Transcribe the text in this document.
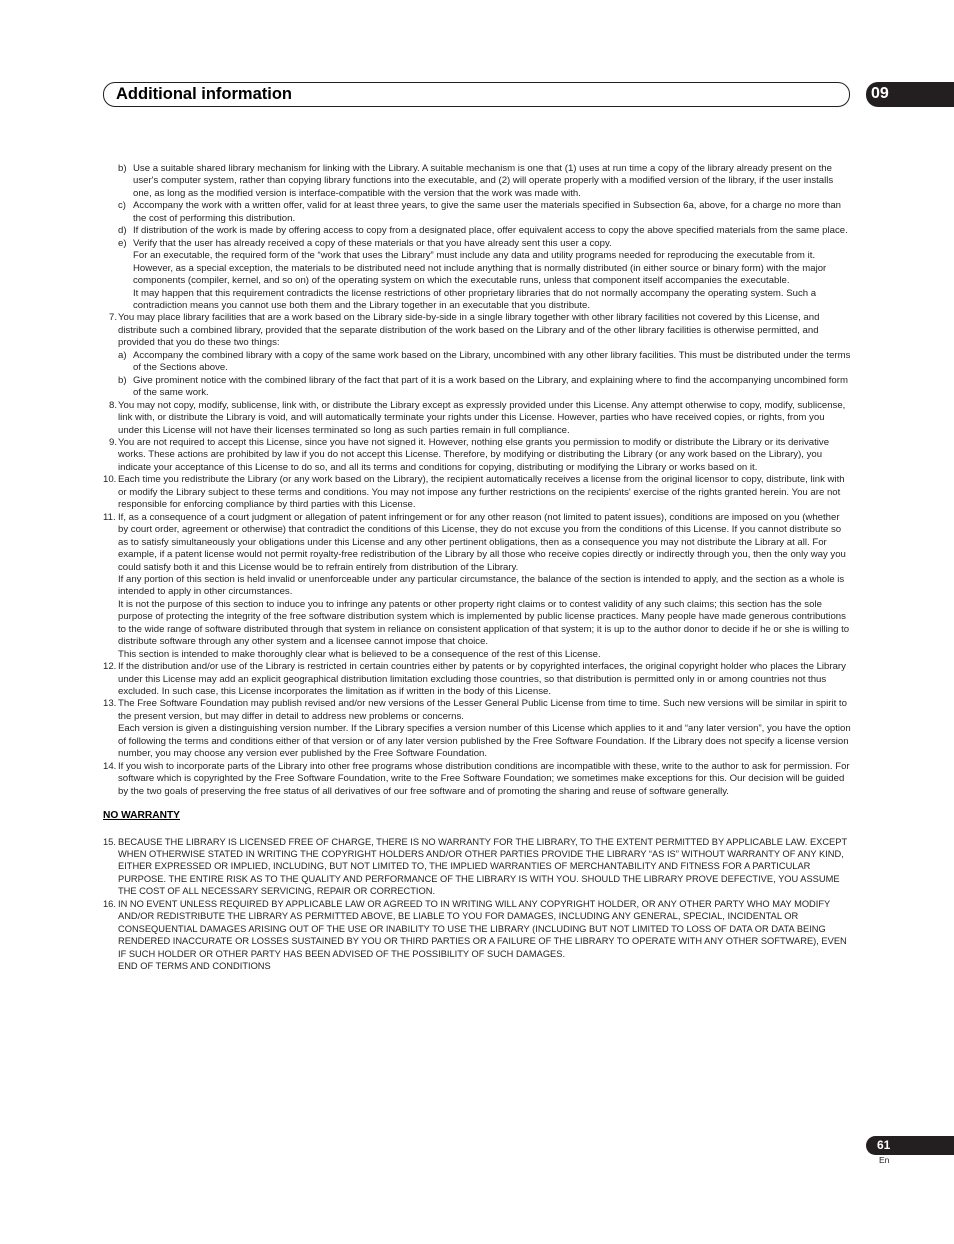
Additional information	09
b) Use a suitable shared library mechanism for linking with the Library. A suitable mechanism is one that (1) uses at run time a copy of the library already present on the user's computer system, rather than copying library functions into the executable, and (2) will operate properly with a modified version of the library, if the user installs one, as long as the modified version is interface-compatible with the version that the work was made with.
c) Accompany the work with a written offer, valid for at least three years, to give the same user the materials specified in Subsection 6a, above, for a charge no more than the cost of performing this distribution.
d) If distribution of the work is made by offering access to copy from a designated place, offer equivalent access to copy the above specified materials from the same place.
e) Verify that the user has already received a copy of these materials or that you have already sent this user a copy.
For an executable, the required form of the “work that uses the Library” must include any data and utility programs needed for reproducing the executable from it. However, as a special exception, the materials to be distributed need not include anything that is normally distributed (in either source or binary form) with the major components (compiler, kernel, and so on) of the operating system on which the executable runs, unless that component itself accompanies the executable.
It may happen that this requirement contradicts the license restrictions of other proprietary libraries that do not normally accompany the operating system. Such a contradiction means you cannot use both them and the Library together in an executable that you distribute.
7. You may place library facilities that are a work based on the Library side-by-side in a single library together with other library facilities not covered by this License, and distribute such a combined library, provided that the separate distribution of the work based on the Library and of the other library facilities is otherwise permitted, and provided that you do these two things:
a) Accompany the combined library with a copy of the same work based on the Library, uncombined with any other library facilities. This must be distributed under the terms of the Sections above.
b) Give prominent notice with the combined library of the fact that part of it is a work based on the Library, and explaining where to find the accompanying uncombined form of the same work.
8. You may not copy, modify, sublicense, link with, or distribute the Library except as expressly provided under this License. Any attempt otherwise to copy, modify, sublicense, link with, or distribute the Library is void, and will automatically terminate your rights under this License. However, parties who have received copies, or rights, from you under this License will not have their licenses terminated so long as such parties remain in full compliance.
9. You are not required to accept this License, since you have not signed it. However, nothing else grants you permission to modify or distribute the Library or its derivative works. These actions are prohibited by law if you do not accept this License. Therefore, by modifying or distributing the Library (or any work based on the Library), you indicate your acceptance of this License to do so, and all its terms and conditions for copying, distributing or modifying the Library or works based on it.
10. Each time you redistribute the Library (or any work based on the Library), the recipient automatically receives a license from the original licensor to copy, distribute, link with or modify the Library subject to these terms and conditions. You may not impose any further restrictions on the recipients' exercise of the rights granted herein. You are not responsible for enforcing compliance by third parties with this License.
11. If, as a consequence of a court judgment or allegation of patent infringement or for any other reason (not limited to patent issues), conditions are imposed on you (whether by court order, agreement or otherwise) that contradict the conditions of this License, they do not excuse you from the conditions of this License. If you cannot distribute so as to satisfy simultaneously your obligations under this License and any other pertinent obligations, then as a consequence you may not distribute the Library at all. For example, if a patent license would not permit royalty-free redistribution of the Library by all those who receive copies directly or indirectly through you, then the only way you could satisfy both it and this License would be to refrain entirely from distribution of the Library.
If any portion of this section is held invalid or unenforceable under any particular circumstance, the balance of the section is intended to apply, and the section as a whole is intended to apply in other circumstances.
It is not the purpose of this section to induce you to infringe any patents or other property right claims or to contest validity of any such claims; this section has the sole purpose of protecting the integrity of the free software distribution system which is implemented by public license practices. Many people have made generous contributions to the wide range of software distributed through that system in reliance on consistent application of that system; it is up to the author donor to decide if he or she is willing to distribute software through any other system and a licensee cannot impose that choice.
This section is intended to make thoroughly clear what is believed to be a consequence of the rest of this License.
12. If the distribution and/or use of the Library is restricted in certain countries either by patents or by copyrighted interfaces, the original copyright holder who places the Library under this License may add an explicit geographical distribution limitation excluding those countries, so that distribution is permitted only in or among countries not thus excluded. In such case, this License incorporates the limitation as if written in the body of this License.
13. The Free Software Foundation may publish revised and/or new versions of the Lesser General Public License from time to time. Such new versions will be similar in spirit to the present version, but may differ in detail to address new problems or concerns.
Each version is given a distinguishing version number. If the Library specifies a version number of this License which applies to it and “any later version”, you have the option of following the terms and conditions either of that version or of any later version published by the Free Software Foundation. If the Library does not specify a license version number, you may choose any version ever published by the Free Software Foundation.
14. If you wish to incorporate parts of the Library into other free programs whose distribution conditions are incompatible with these, write to the author to ask for permission. For software which is copyrighted by the Free Software Foundation, write to the Free Software Foundation; we sometimes make exceptions for this. Our decision will be guided by the two goals of preserving the free status of all derivatives of our free software and of promoting the sharing and reuse of software generally.
NO WARRANTY
15. BECAUSE THE LIBRARY IS LICENSED FREE OF CHARGE, THERE IS NO WARRANTY FOR THE LIBRARY, TO THE EXTENT PERMITTED BY APPLICABLE LAW. EXCEPT WHEN OTHERWISE STATED IN WRITING THE COPYRIGHT HOLDERS AND/OR OTHER PARTIES PROVIDE THE LIBRARY “AS IS” WITHOUT WARRANTY OF ANY KIND, EITHER EXPRESSED OR IMPLIED, INCLUDING, BUT NOT LIMITED TO, THE IMPLIED WARRANTIES OF MERCHANTABILITY AND FITNESS FOR A PARTICULAR PURPOSE. THE ENTIRE RISK AS TO THE QUALITY AND PERFORMANCE OF THE LIBRARY IS WITH YOU. SHOULD THE LIBRARY PROVE DEFECTIVE, YOU ASSUME THE COST OF ALL NECESSARY SERVICING, REPAIR OR CORRECTION.
16. IN NO EVENT UNLESS REQUIRED BY APPLICABLE LAW OR AGREED TO IN WRITING WILL ANY COPYRIGHT HOLDER, OR ANY OTHER PARTY WHO MAY MODIFY AND/OR REDISTRIBUTE THE LIBRARY AS PERMITTED ABOVE, BE LIABLE TO YOU FOR DAMAGES, INCLUDING ANY GENERAL, SPECIAL, INCIDENTAL OR CONSEQUENTIAL DAMAGES ARISING OUT OF THE USE OR INABILITY TO USE THE LIBRARY (INCLUDING BUT NOT LIMITED TO LOSS OF DATA OR DATA BEING RENDERED INACCURATE OR LOSSES SUSTAINED BY YOU OR THIRD PARTIES OR A FAILURE OF THE LIBRARY TO OPERATE WITH ANY OTHER SOFTWARE), EVEN IF SUCH HOLDER OR OTHER PARTY HAS BEEN ADVISED OF THE POSSIBILITY OF SUCH DAMAGES.
END OF TERMS AND CONDITIONS
61
En
